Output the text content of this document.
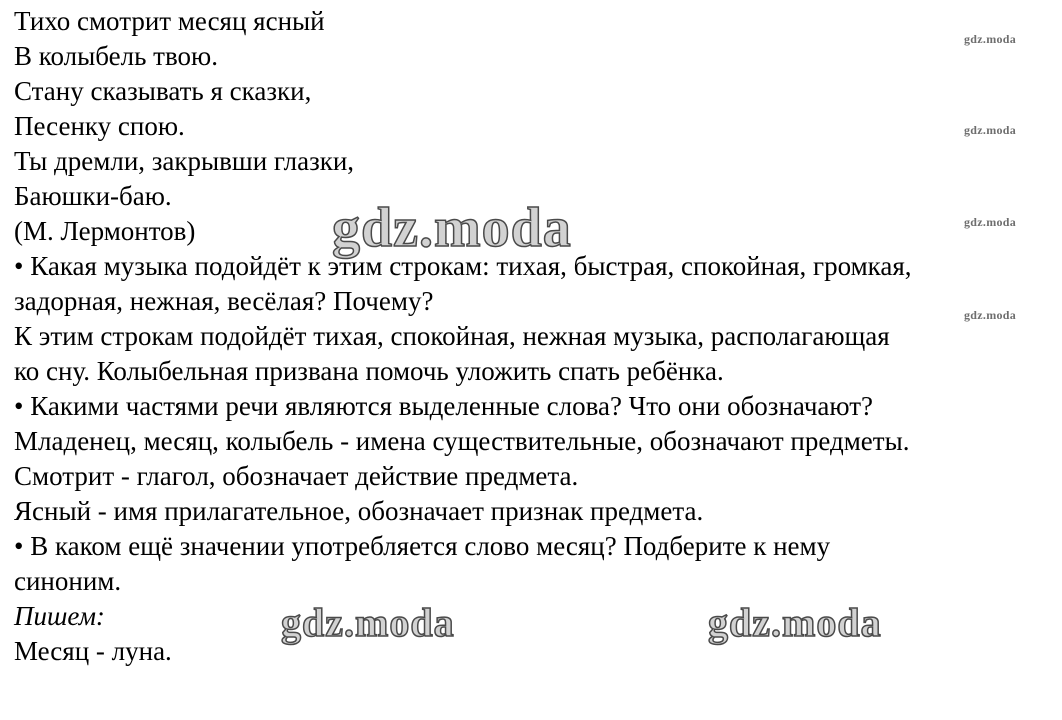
Тихо смотрит месяц ясный
В колыбель твою.
Стану сказывать я сказки,
Песенку спою.
Ты дремли, закрывши глазки,
Баюшки-баю.
(М. Лермонтов)
• Какая музыка подойдёт к этим строкам: тихая, быстрая, спокойная, громкая,
задорная, нежная, весёлая? Почему?
К этим строкам подойдёт тихая, спокойная, нежная музыка, располагающая
ко сну. Колыбельная призвана помочь уложить спать ребёнка.
• Какими частями речи являются выделенные слова? Что они обозначают?
Младенец, месяц, колыбель - имена существительные, обозначают предметы.
Смотрит - глагол, обозначает действие предмета.
Ясный - имя прилагательное, обозначает признак предмета.
• В каком ещё значении употребляется слово месяц? Подберите к нему
синоним.
Пишем:
Месяц - луна.
gdz.moda
gdz.moda
gdz.moda
gdz.moda
gdz.moda
gdz.moda	gdz.moda
